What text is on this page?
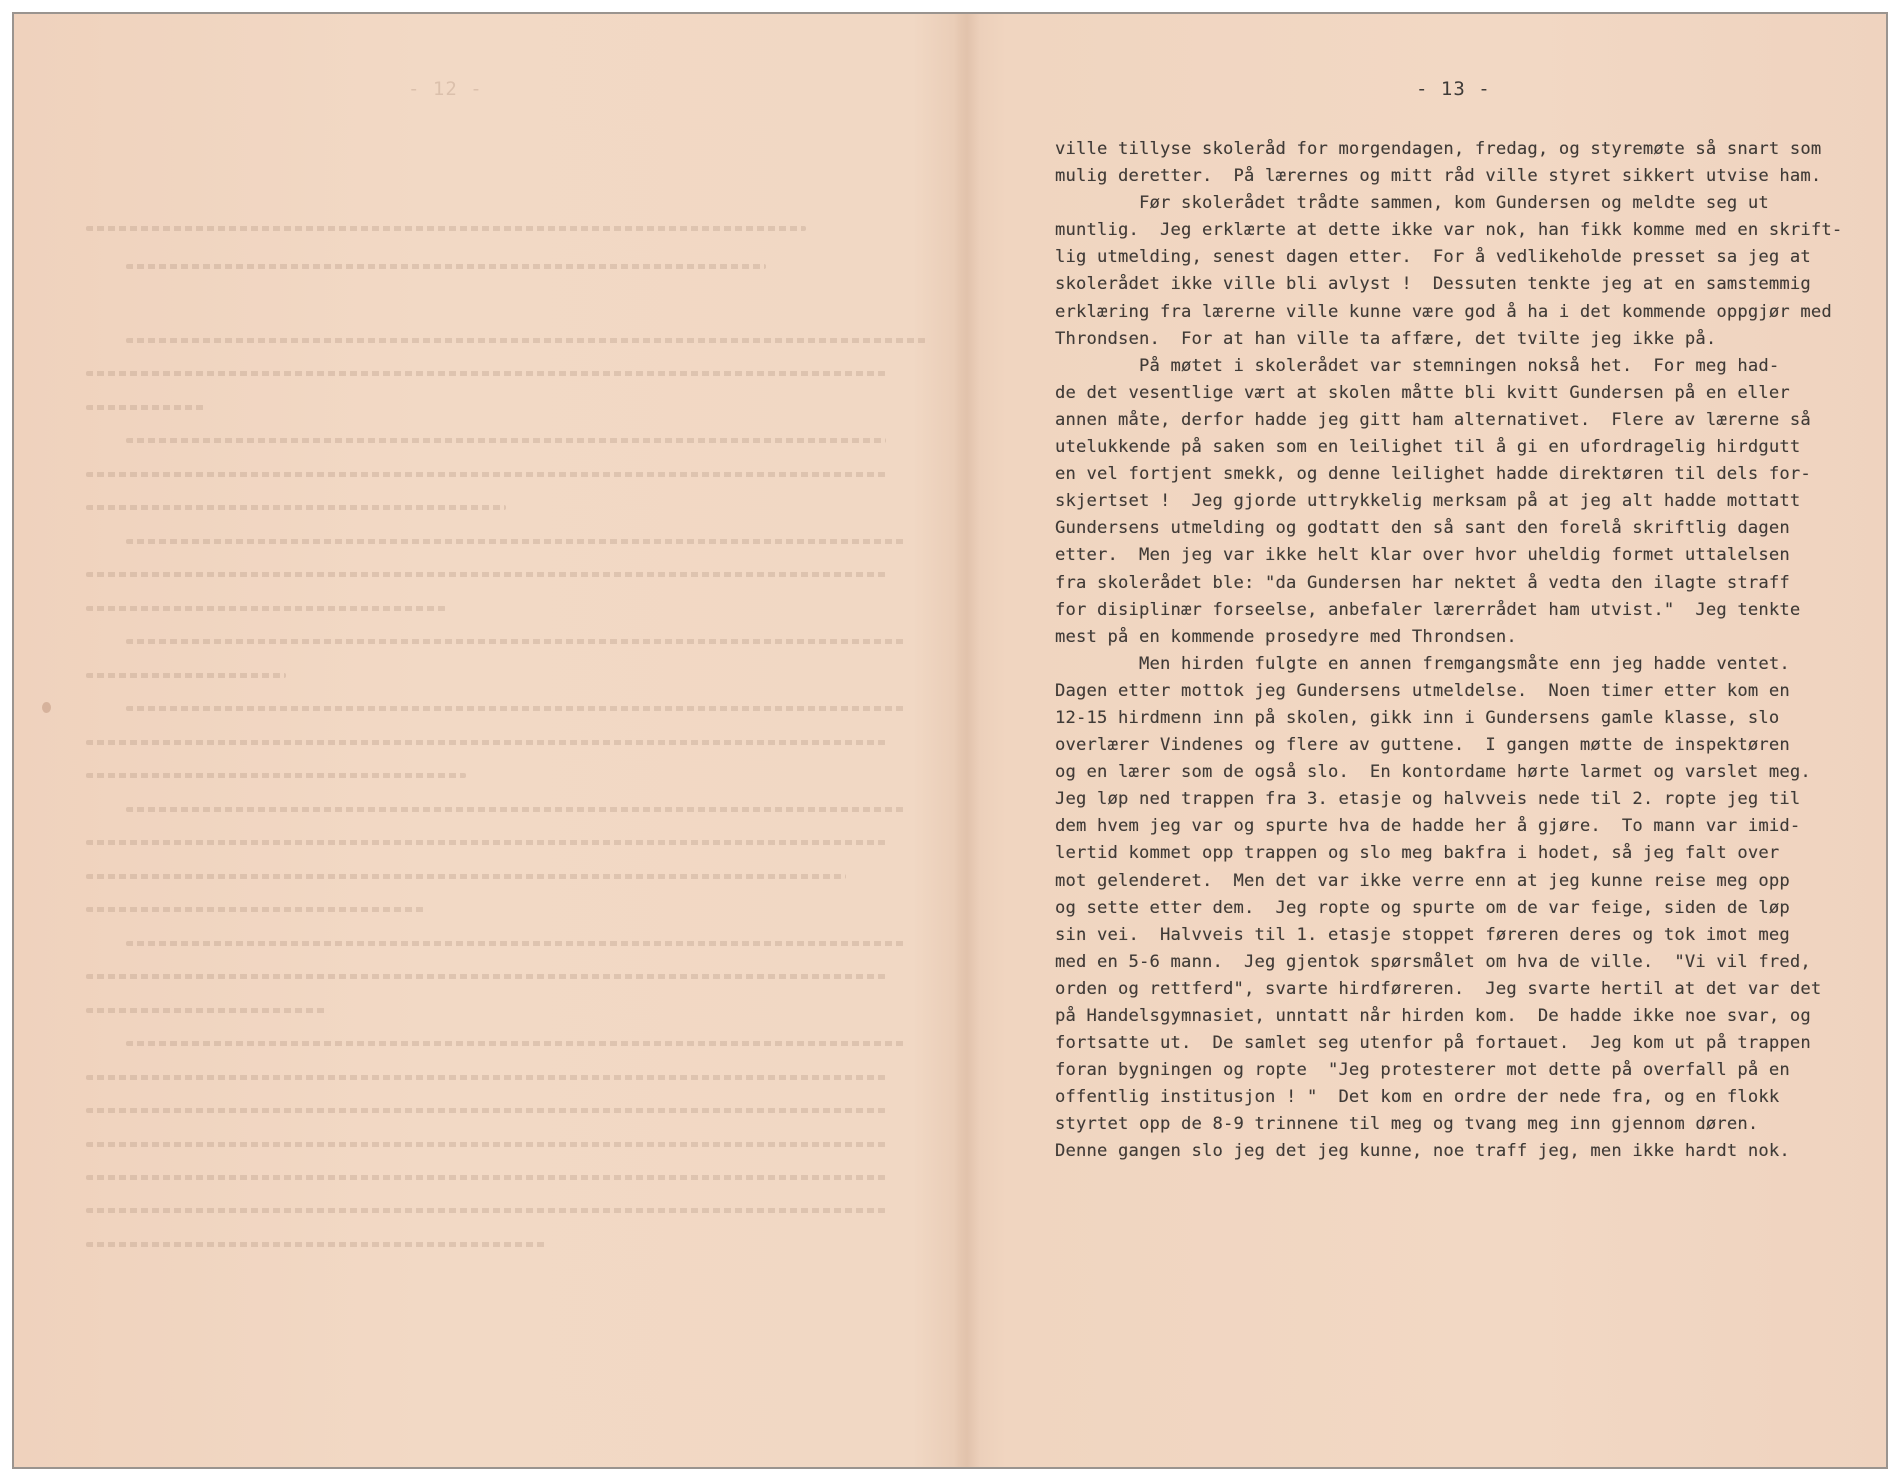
- 12 -	- 13 -
ville tillyse skoleråd for morgendagen, fredag, og styremøte så snart som
mulig deretter.  På lærernes og mitt råd ville styret sikkert utvise ham.
Før skolerådet trådte sammen, kom Gundersen og meldte seg ut
muntlig.  Jeg erklærte at dette ikke var nok, han fikk komme med en skrift-
lig utmelding, senest dagen etter.  For å vedlikeholde presset sa jeg at
skolerådet ikke ville bli avlyst !  Dessuten tenkte jeg at en samstemmig
erklæring fra lærerne ville kunne være god å ha i det kommende oppgjør med
Throndsen.  For at han ville ta affære, det tvilte jeg ikke på.
På møtet i skolerådet var stemningen nokså het.  For meg had-
de det vesentlige vært at skolen måtte bli kvitt Gundersen på en eller
annen måte, derfor hadde jeg gitt ham alternativet.  Flere av lærerne så
utelukkende på saken som en leilighet til å gi en ufordragelig hirdgutt
en vel fortjent smekk, og denne leilighet hadde direktøren til dels for-
skjertset !  Jeg gjorde uttrykkelig merksam på at jeg alt hadde mottatt
Gundersens utmelding og godtatt den så sant den forelå skriftlig dagen
etter.  Men jeg var ikke helt klar over hvor uheldig formet uttalelsen
fra skolerådet ble: "da Gundersen har nektet å vedta den ilagte straff
for disiplinær forseelse, anbefaler lærerrådet ham utvist."  Jeg tenkte
mest på en kommende prosedyre med Throndsen.
Men hirden fulgte en annen fremgangsmåte enn jeg hadde ventet.
Dagen etter mottok jeg Gundersens utmeldelse.  Noen timer etter kom en
12-15 hirdmenn inn på skolen, gikk inn i Gundersens gamle klasse, slo
overlærer Vindenes og flere av guttene.  I gangen møtte de inspektøren
og en lærer som de også slo.  En kontordame hørte larmet og varslet meg.
Jeg løp ned trappen fra 3. etasje og halvveis nede til 2. ropte jeg til
dem hvem jeg var og spurte hva de hadde her å gjøre.  To mann var imid-
lertid kommet opp trappen og slo meg bakfra i hodet, så jeg falt over
mot gelenderet.  Men det var ikke verre enn at jeg kunne reise meg opp
og sette etter dem.  Jeg ropte og spurte om de var feige, siden de løp
sin vei.  Halvveis til 1. etasje stoppet føreren deres og tok imot meg
med en 5-6 mann.  Jeg gjentok spørsmålet om hva de ville.  "Vi vil fred,
orden og rettferd", svarte hirdføreren.  Jeg svarte hertil at det var det
på Handelsgymnasiet, unntatt når hirden kom.  De hadde ikke noe svar, og
fortsatte ut.  De samlet seg utenfor på fortauet.  Jeg kom ut på trappen
foran bygningen og ropte  "Jeg protesterer mot dette på overfall på en
offentlig institusjon ! "  Det kom en ordre der nede fra, og en flokk
styrtet opp de 8-9 trinnene til meg og tvang meg inn gjennom døren.
Denne gangen slo jeg det jeg kunne, noe traff jeg, men ikke hardt nok.
